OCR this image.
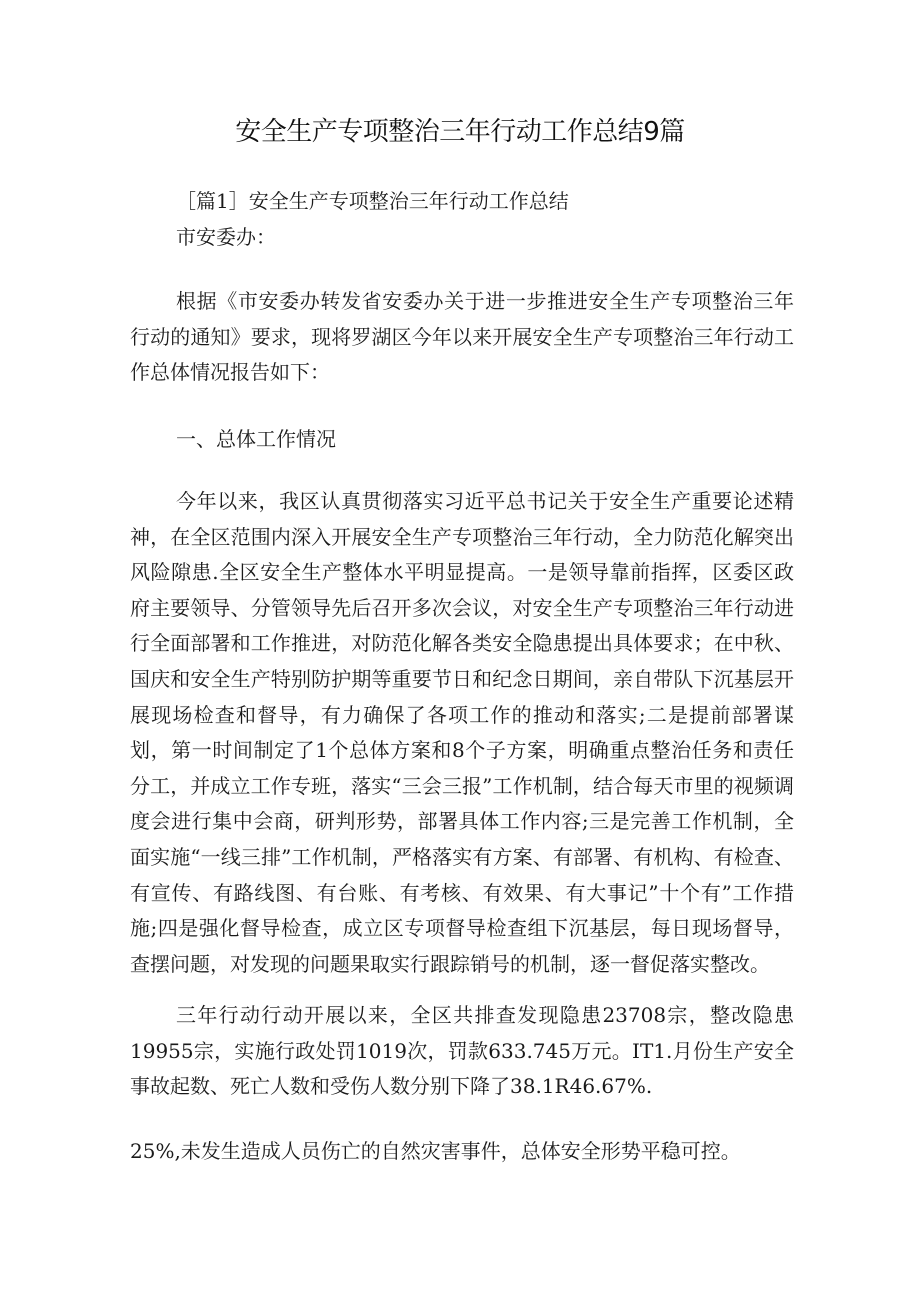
安全生产专项整治三年行动工作总结9篇
［篇1］安全生产专项整治三年行动工作总结
市安委办：
根据《市安委办转发省安委办关于进一步推进安全生产专项整治三年行动的通知》要求，现将罗湖区今年以来开展安全生产专项整治三年行动工作总体情况报告如下：
一、总体工作情况
今年以来，我区认真贯彻落实习近平总书记关于安全生产重要论述精神，在全区范围内深入开展安全生产专项整治三年行动，全力防范化解突出风险隙患.全区安全生产整体水平明显提高。一是领导靠前指挥，区委区政府主要领导、分管领导先后召开多次会议，对安全生产专项整治三年行动进行全面部署和工作推进，对防范化解各类安全隐患提出具体要求；在中秋、国庆和安全生产特别防护期等重要节日和纪念日期间，亲自带队下沉基层开展现场检查和督导，有力确保了各项工作的推动和落实;二是提前部署谋划，第一时间制定了1个总体方案和8个子方案，明确重点整治任务和责任分工，并成立工作专班，落实“三会三报”工作机制，结合每天市里的视频调度会进行集中会商，研判形势，部署具体工作内容;三是完善工作机制，全面实施“一线三排”工作机制，严格落实有方案、有部署、有机构、有检查、有宣传、有路线图、有台账、有考核、有效果、有大事记”十个有”工作措施;四是强化督导检查，成立区专项督导检查组下沉基层，每日现场督导，查摆问题，对发现的问题果取实行跟踪销号的机制，逐一督促落实整改。
三年行动行动开展以来，全区共排查发现隐患23708宗，整改隐患19955宗，实施行政处罚1019次，罚款633.745万元。IT1.月份生产安全事故起数、死亡人数和受伤人数分别下降了38.1R46.67%.
25%,未发生造成人员伤亡的自然灾害事件，总体安全形势平稳可控。
